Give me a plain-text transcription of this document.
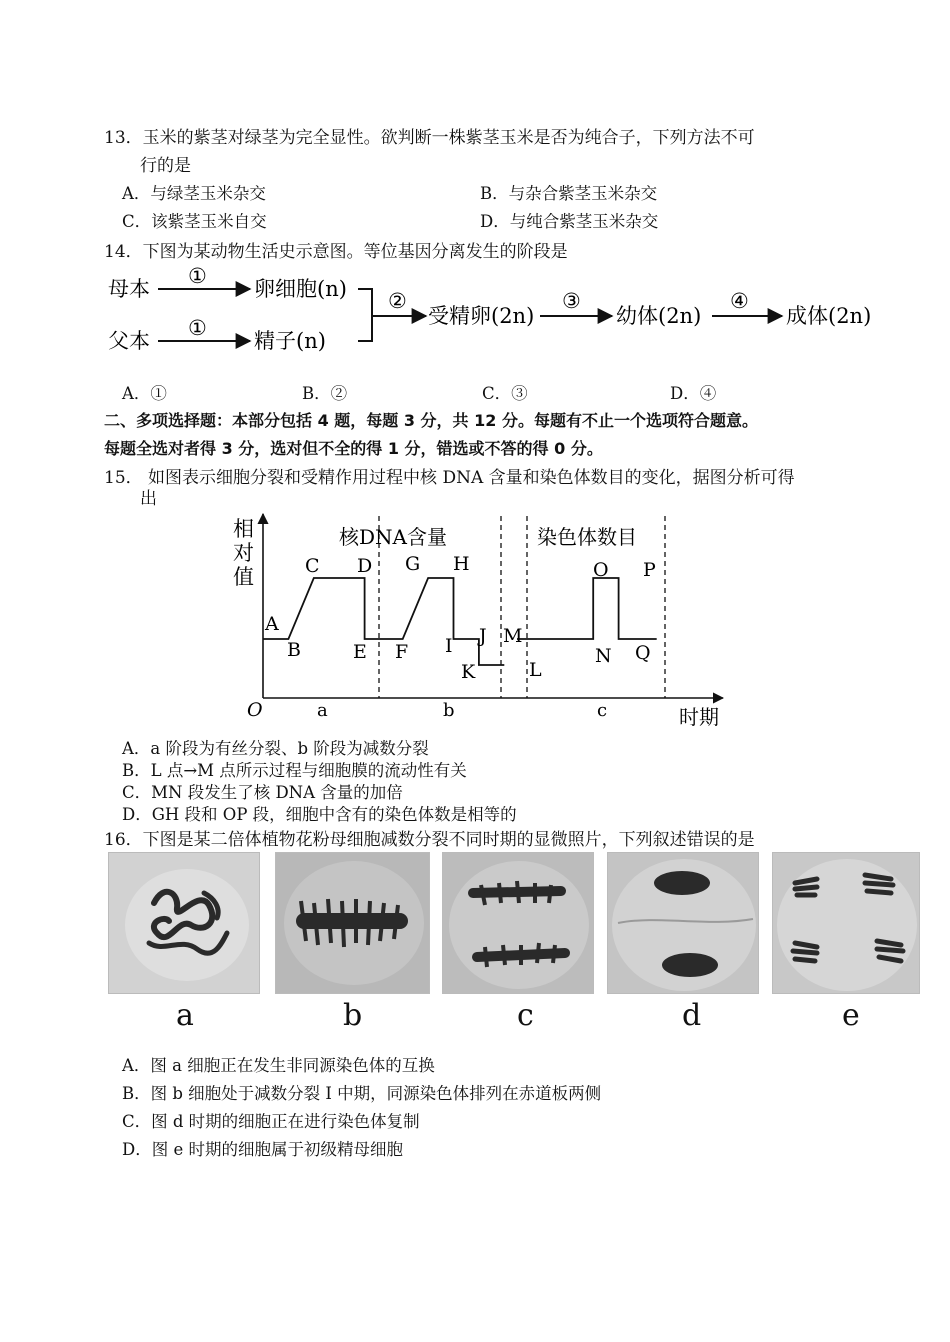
13．玉米的紫茎对绿茎为完全显性。欲判断一株紫茎玉米是否为纯合子，下列方法不可
行的是
A．与绿茎玉米杂交	B．与杂合紫茎玉米杂交
C．该紫茎玉米自交	D．与纯合紫茎玉米杂交
14．下图为某动物生活史示意图。等位基因分离发生的阶段是
母本
①
卵细胞(n)
父本
①
精子(n)
②
受精卵(2n)
③
幼体(2n)
④
成体(2n)
A．①	B．②	C．③	D．④
二、多项选择题：本部分包括 4 题，每题 3 分，共 12 分。每题有不止一个选项符合题意。
每题全选对者得 3 分，选对但不全的得 1 分，错选或不答的得 0 分。
15． 如图表示细胞分裂和受精作用过程中核 DNA 含量和染色体数目的变化，据图分析可得
出
相
对
值
O	时期
核DNA含量	染色体数目
a	b	c
A
B
C D
E F
G H
I J
K	L
M
N
O P
Q
A．a 阶段为有丝分裂、b 阶段为减数分裂
B．L 点→M 点所示过程与细胞膜的流动性有关
C．MN 段发生了核 DNA 含量的加倍
D．GH 段和 OP 段，细胞中含有的染色体数是相等的
16．下图是某二倍体植物花粉母细胞减数分裂不同时期的显微照片，下列叙述错误的是
a	b	c	d	e
A．图 a 细胞正在发生非同源染色体的互换
B．图 b 细胞处于减数分裂 I 中期，同源染色体排列在赤道板两侧
C．图 d 时期的细胞正在进行染色体复制
D．图 e 时期的细胞属于初级精母细胞
